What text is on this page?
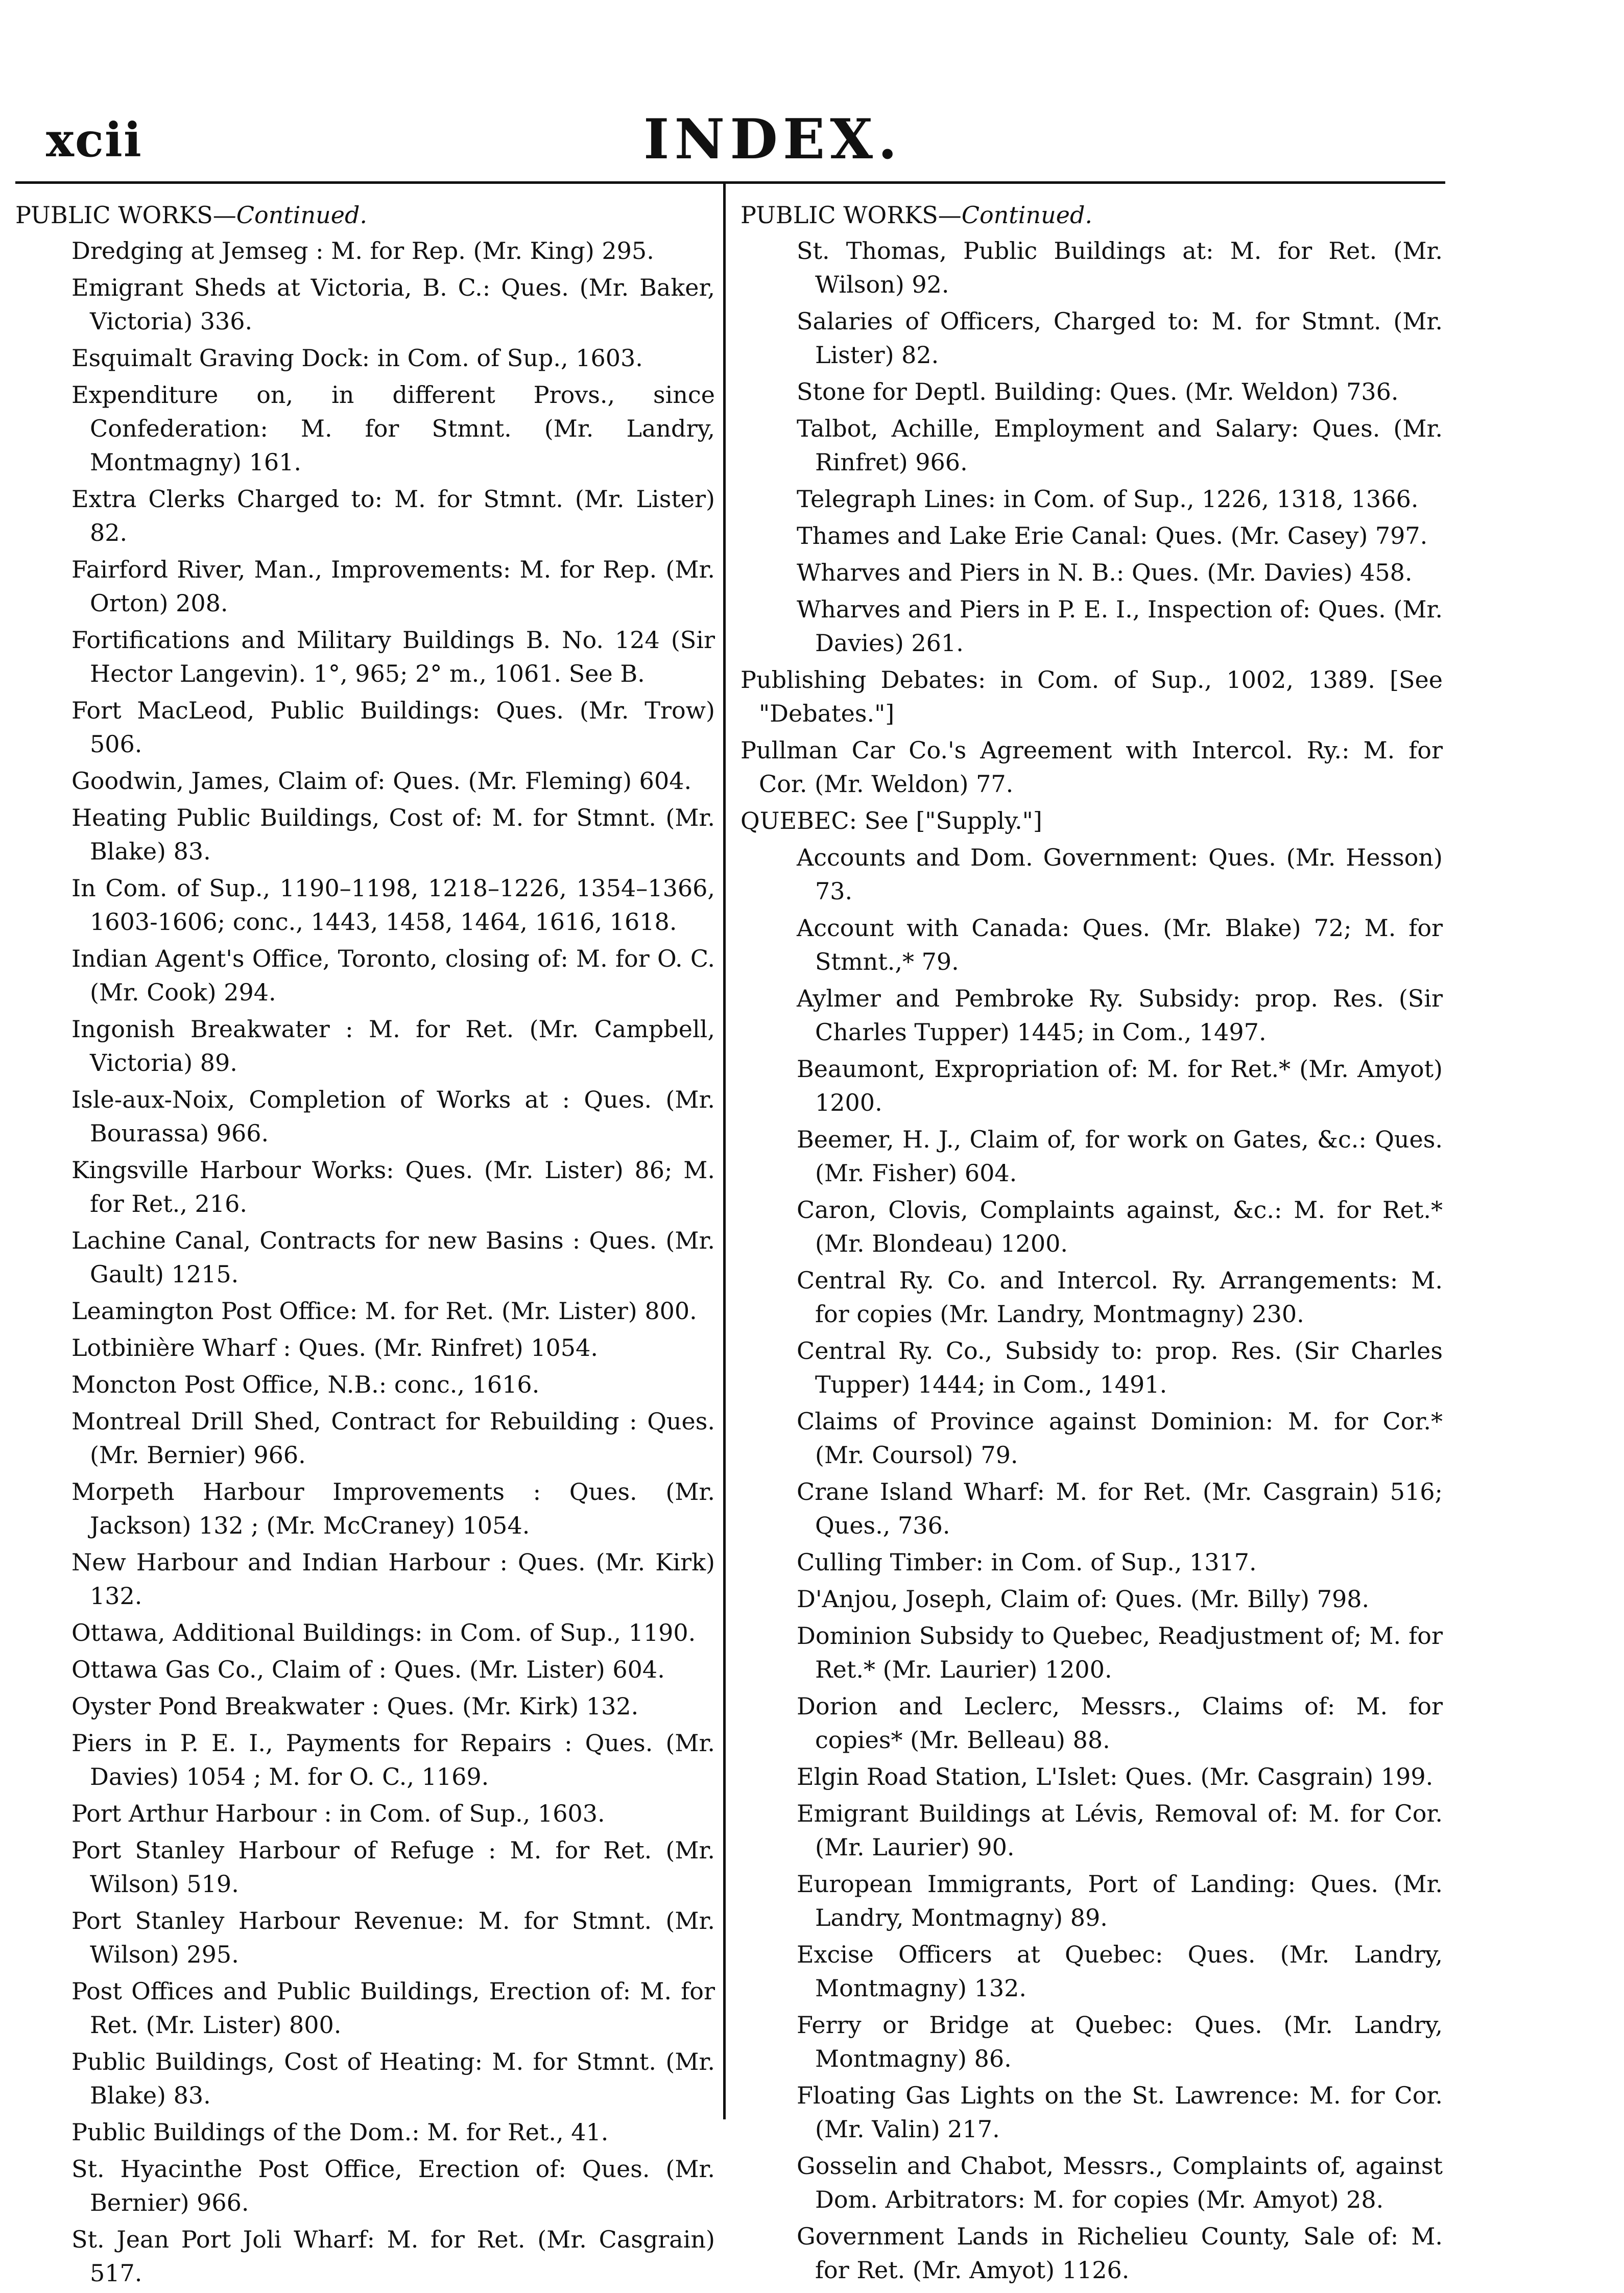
xcii	INDEX.
PUBLIC WORKS—Continued.
Dredging at Jemseg : M. for Rep. (Mr. King) 295.
Emigrant Sheds at Victoria, B. C.: Ques. (Mr. Baker, Victoria) 336.
Esquimalt Graving Dock: in Com. of Sup., 1603.
Expenditure on, in different Provs., since Confederation: M. for Stmnt. (Mr. Landry, Montmagny) 161.
Extra Clerks Charged to: M. for Stmnt. (Mr. Lister) 82.
Fairford River, Man., Improvements: M. for Rep. (Mr. Orton) 208.
Fortifications and Military Buildings B. No. 124 (Sir Hector Langevin). 1°, 965; 2° m., 1061. See B.
Fort MacLeod, Public Buildings: Ques. (Mr. Trow) 506.
Goodwin, James, Claim of: Ques. (Mr. Fleming) 604.
Heating Public Buildings, Cost of: M. for Stmnt. (Mr. Blake) 83.
In Com. of Sup., 1190–1198, 1218–1226, 1354–1366, 1603-1606; conc., 1443, 1458, 1464, 1616, 1618.
Indian Agent's Office, Toronto, closing of: M. for O. C. (Mr. Cook) 294.
Ingonish Breakwater : M. for Ret. (Mr. Campbell, Victoria) 89.
Isle-aux-Noix, Completion of Works at : Ques. (Mr. Bourassa) 966.
Kingsville Harbour Works: Ques. (Mr. Lister) 86; M. for Ret., 216.
Lachine Canal, Contracts for new Basins : Ques. (Mr. Gault) 1215.
Leamington Post Office: M. for Ret. (Mr. Lister) 800.
Lotbinière Wharf : Ques. (Mr. Rinfret) 1054.
Moncton Post Office, N.B.: conc., 1616.
Montreal Drill Shed, Contract for Rebuilding : Ques. (Mr. Bernier) 966.
Morpeth Harbour Improvements : Ques. (Mr. Jackson) 132 ; (Mr. McCraney) 1054.
New Harbour and Indian Harbour : Ques. (Mr. Kirk) 132.
Ottawa, Additional Buildings: in Com. of Sup., 1190.
Ottawa Gas Co., Claim of : Ques. (Mr. Lister) 604.
Oyster Pond Breakwater : Ques. (Mr. Kirk) 132.
Piers in P. E. I., Payments for Repairs : Ques. (Mr. Davies) 1054 ; M. for O. C., 1169.
Port Arthur Harbour : in Com. of Sup., 1603.
Port Stanley Harbour of Refuge : M. for Ret. (Mr. Wilson) 519.
Port Stanley Harbour Revenue: M. for Stmnt. (Mr. Wilson) 295.
Post Offices and Public Buildings, Erection of: M. for Ret. (Mr. Lister) 800.
Public Buildings, Cost of Heating: M. for Stmnt. (Mr. Blake) 83.
Public Buildings of the Dom.: M. for Ret., 41.
St. Hyacinthe Post Office, Erection of: Ques. (Mr. Bernier) 966.
St. Jean Port Joli Wharf: M. for Ret. (Mr. Casgrain) 517.
PUBLIC WORKS—Continued.
St. Thomas, Public Buildings at: M. for Ret. (Mr. Wilson) 92.
Salaries of Officers, Charged to: M. for Stmnt. (Mr. Lister) 82.
Stone for Deptl. Building: Ques. (Mr. Weldon) 736.
Talbot, Achille, Employment and Salary: Ques. (Mr. Rinfret) 966.
Telegraph Lines: in Com. of Sup., 1226, 1318, 1366.
Thames and Lake Erie Canal: Ques. (Mr. Casey) 797.
Wharves and Piers in N. B.: Ques. (Mr. Davies) 458.
Wharves and Piers in P. E. I., Inspection of: Ques. (Mr. Davies) 261.
Publishing Debates: in Com. of Sup., 1002, 1389. [See "Debates."]
Pullman Car Co.'s Agreement with Intercol. Ry.: M. for Cor. (Mr. Weldon) 77.
QUEBEC: See ["Supply."]
Accounts and Dom. Government: Ques. (Mr. Hesson) 73.
Account with Canada: Ques. (Mr. Blake) 72; M. for Stmnt.,* 79.
Aylmer and Pembroke Ry. Subsidy: prop. Res. (Sir Charles Tupper) 1445; in Com., 1497.
Beaumont, Expropriation of: M. for Ret.* (Mr. Amyot) 1200.
Beemer, H. J., Claim of, for work on Gates, &c.: Ques. (Mr. Fisher) 604.
Caron, Clovis, Complaints against, &c.: M. for Ret.* (Mr. Blondeau) 1200.
Central Ry. Co. and Intercol. Ry. Arrangements: M. for copies (Mr. Landry, Montmagny) 230.
Central Ry. Co., Subsidy to: prop. Res. (Sir Charles Tupper) 1444; in Com., 1491.
Claims of Province against Dominion: M. for Cor.* (Mr. Coursol) 79.
Crane Island Wharf: M. for Ret. (Mr. Casgrain) 516; Ques., 736.
Culling Timber: in Com. of Sup., 1317.
D'Anjou, Joseph, Claim of: Ques. (Mr. Billy) 798.
Dominion Subsidy to Quebec, Readjustment of; M. for Ret.* (Mr. Laurier) 1200.
Dorion and Leclerc, Messrs., Claims of: M. for copies* (Mr. Belleau) 88.
Elgin Road Station, L'Islet: Ques. (Mr. Casgrain) 199.
Emigrant Buildings at Lévis, Removal of: M. for Cor. (Mr. Laurier) 90.
European Immigrants, Port of Landing: Ques. (Mr. Landry, Montmagny) 89.
Excise Officers at Quebec: Ques. (Mr. Landry, Montmagny) 132.
Ferry or Bridge at Quebec: Ques. (Mr. Landry, Montmagny) 86.
Floating Gas Lights on the St. Lawrence: M. for Cor. (Mr. Valin) 217.
Gosselin and Chabot, Messrs., Complaints of, against Dom. Arbitrators: M. for copies (Mr. Amyot) 28.
Government Lands in Richelieu County, Sale of: M. for Ret. (Mr. Amyot) 1126.
